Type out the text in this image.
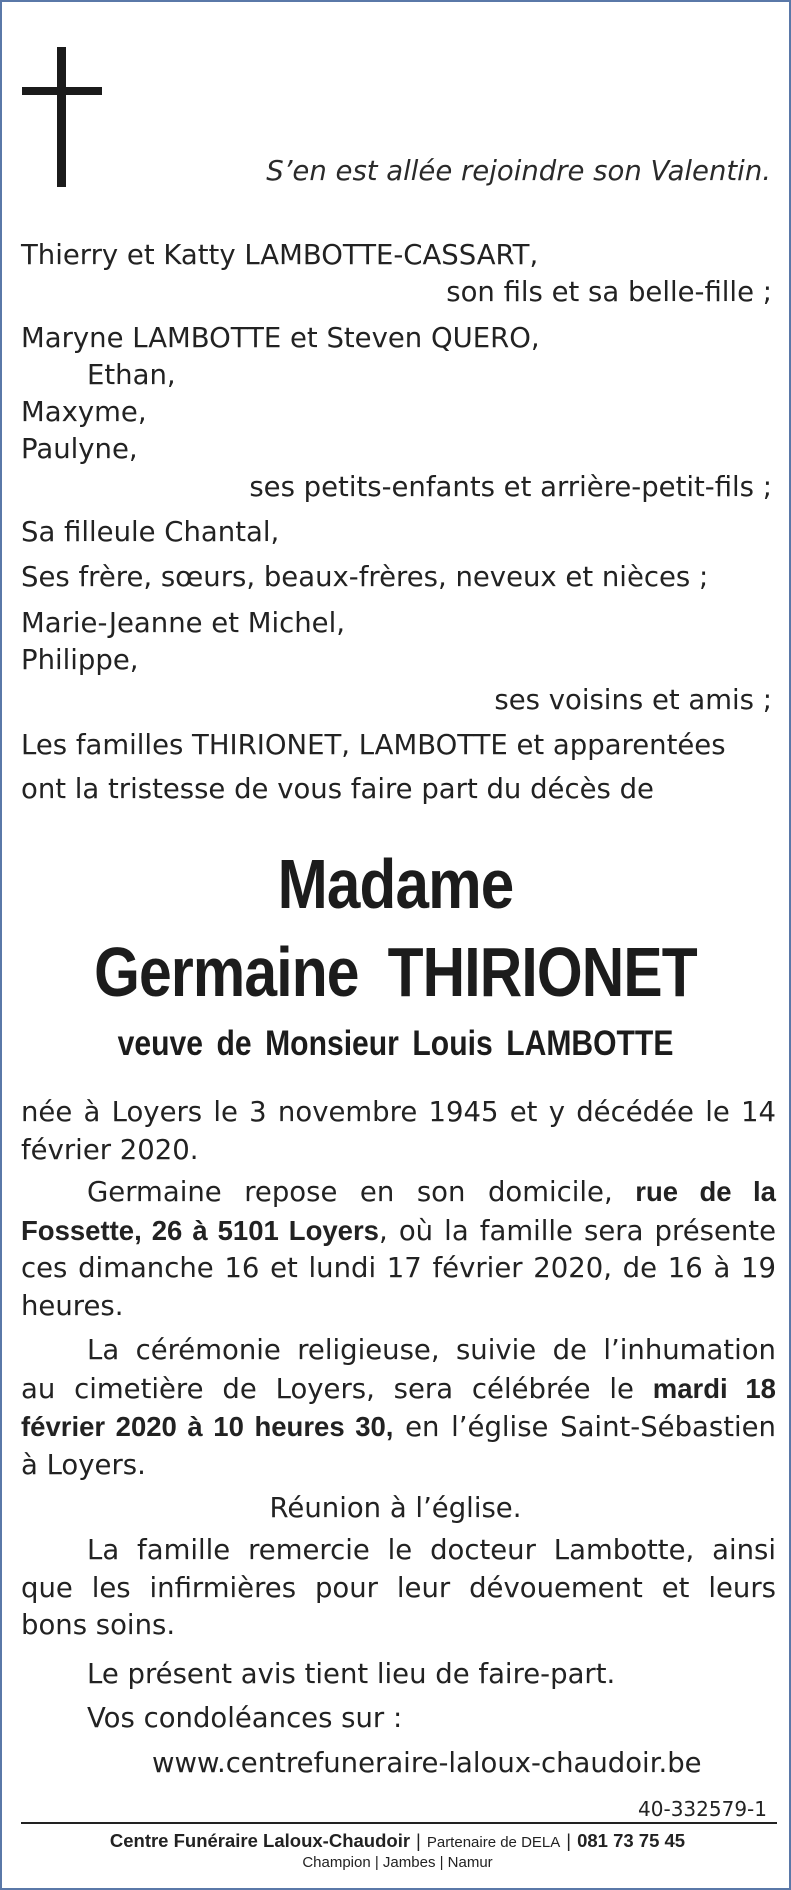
S’en est allée rejoindre son Valentin.
Thierry et Katty LAMBOTTE-CASSART,
son fils et sa belle-fille ;
Maryne LAMBOTTE et Steven QUERO,
Ethan,
Maxyme,
Paulyne,
ses petits-enfants et arrière-petit-fils ;
Sa filleule Chantal,
Ses frère, sœurs, beaux-frères, neveux et nièces ;
Marie-Jeanne et Michel,
Philippe,
ses voisins et amis ;
Les familles THIRIONET, LAMBOTTE et apparentées
ont la tristesse de vous faire part du décès de
Madame
Germaine THIRIONET
veuve de Monsieur Louis LAMBOTTE
née à Loyers le 3 novembre 1945 et y décédée le 14 février 2020.
Germaine repose en son domicile, rue de la Fossette, 26 à 5101 Loyers, où la famille sera présente ces dimanche 16 et lundi 17 février 2020, de 16 à 19 heures.
La cérémonie religieuse, suivie de l’inhumation au cimetière de Loyers, sera célébrée le mardi 18 février 2020 à 10 heures 30, en l’église Saint-Sébastien à Loyers.
Réunion à l’église.
La famille remercie le docteur Lambotte, ainsi que les infirmières pour leur dévouement et leurs bons soins.
Le présent avis tient lieu de faire-part.
Vos condoléances sur :
www.centrefuneraire-laloux-chaudoir.be
40-332579-1
Centre Funéraire Laloux-Chaudoir | Partenaire de DELA | 081 73 75 45
Champion | Jambes | Namur
